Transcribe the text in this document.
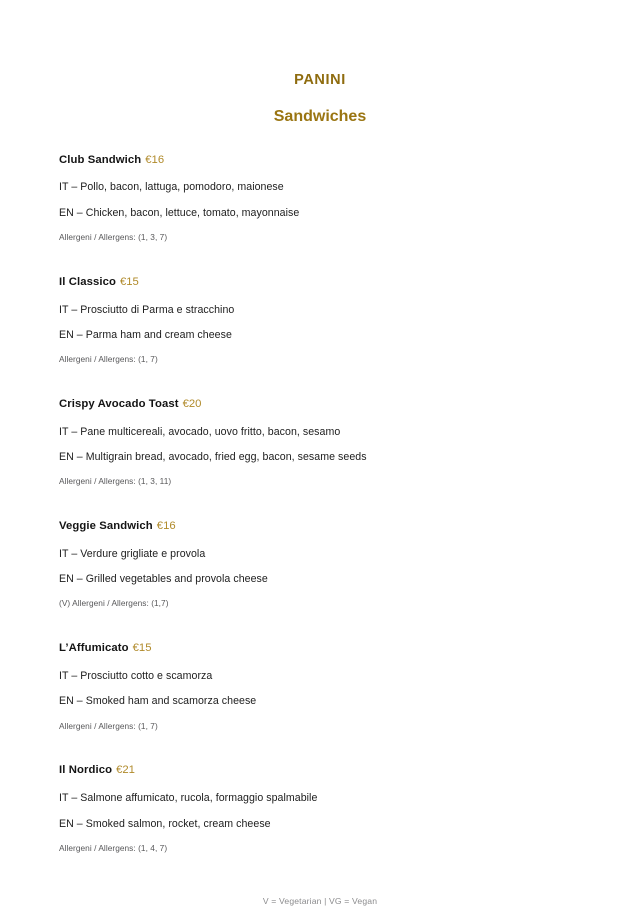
PANINI
Sandwiches

Club Sandwich €16

IT – Pollo, bacon, lattuga, pomodoro, maionese

EN – Chicken, bacon, lettuce, tomato, mayonnaise

Allergeni / Allergens: (1, 3, 7)

Il Classico €15

IT – Prosciutto di Parma e stracchino

EN – Parma ham and cream cheese

Allergeni / Allergens: (1, 7)

Crispy Avocado Toast €20

IT – Pane multicereali, avocado, uovo fritto, bacon, sesamo

EN – Multigrain bread, avocado, fried egg, bacon, sesame seeds

Allergeni / Allergens: (1, 3, 11)

Veggie Sandwich €16

IT – Verdure grigliate e provola

EN – Grilled vegetables and provola cheese

(V) Allergeni / Allergens: (1,7)

L’Affumicato €15

IT – Prosciutto cotto e scamorza

EN – Smoked ham and scamorza cheese

Allergeni / Allergens: (1, 7)

Il Nordico €21

IT – Salmone affumicato, rucola, formaggio spalmabile

EN – Smoked salmon, rocket, cream cheese

Allergeni / Allergens: (1, 4, 7)

V = Vegetarian | VG = Vegan
